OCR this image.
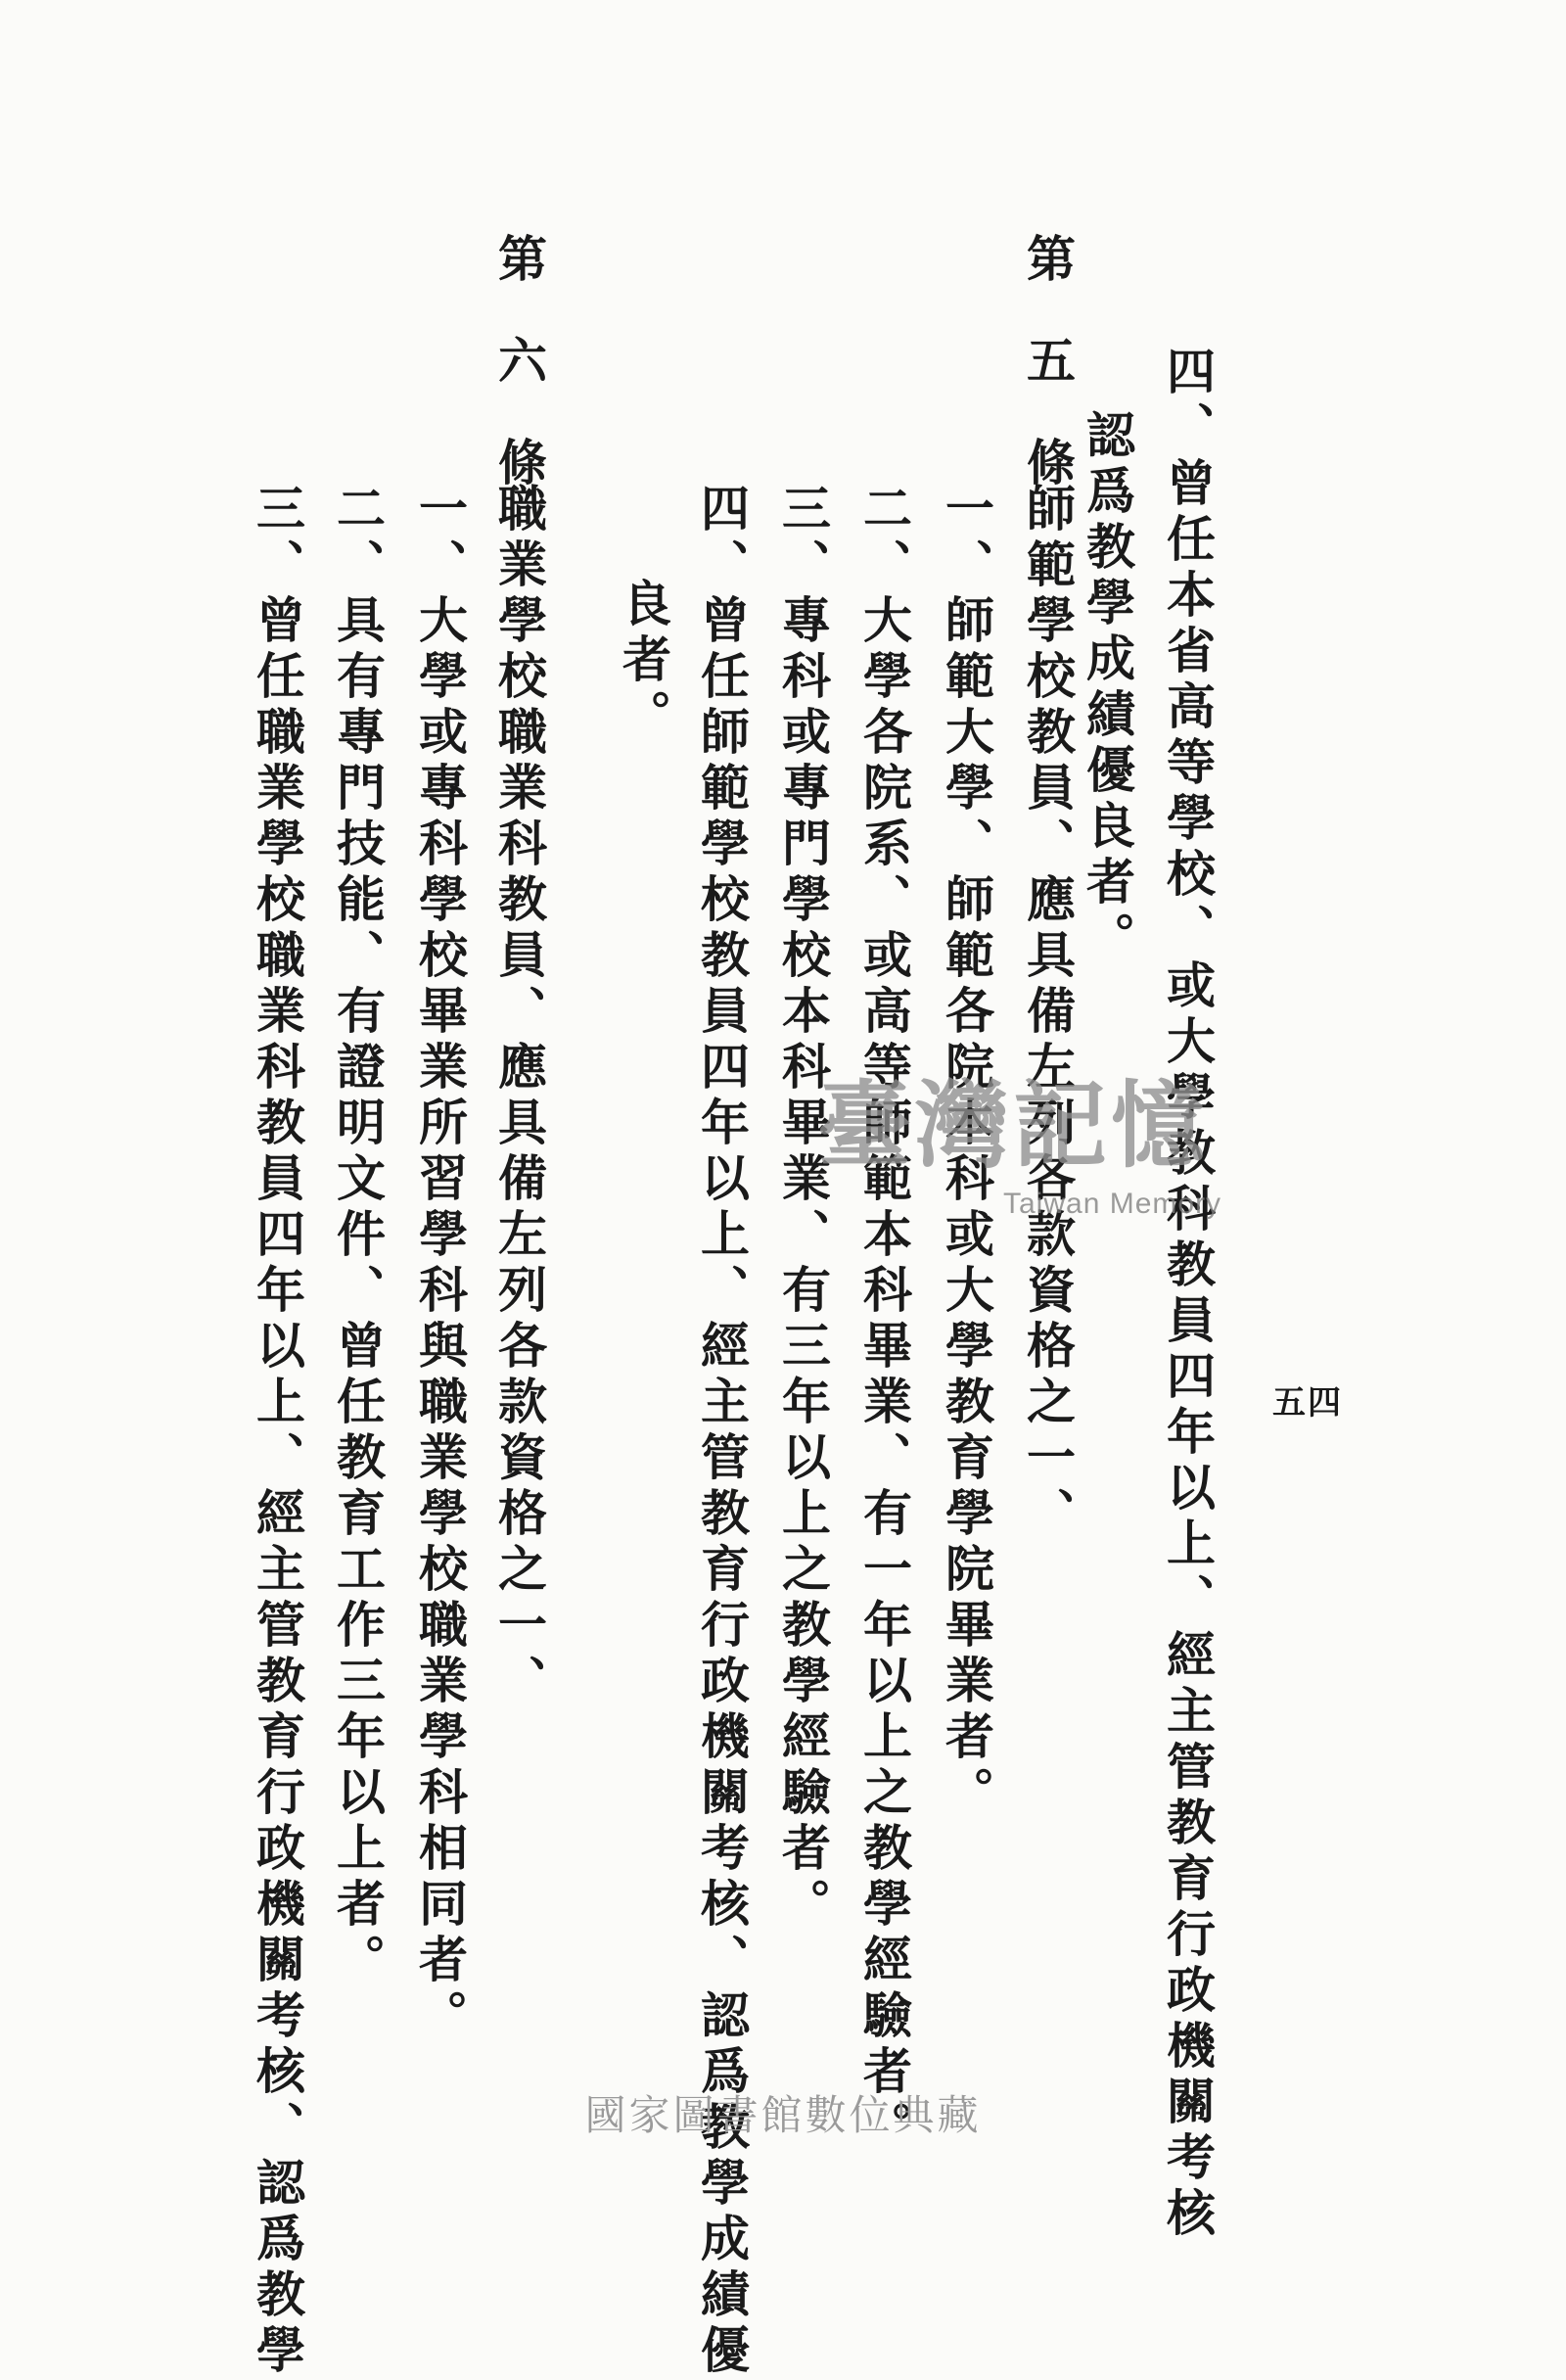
五四
四、曾任本省高等學校、或大學教科教員四年以上、經主管教育行政機關考核
認爲教學成績優良者。
第五條
師範學校教員、應具備左列各款資格之一、
一、師範大學、師範各院本科或大學教育學院畢業者。
二、大學各院系、或高等師範本科畢業、有一年以上之教學經驗者。
三、專科或專門學校本科畢業、有三年以上之教學經驗者。
四、曾任師範學校教員四年以上、經主管教育行政機關考核、認爲教學成績優
良者。
第六條
職業學校職業科教員、應具備左列各款資格之一、
一、大學或專科學校畢業所習學科與職業學校職業學科相同者。
二、具有專門技能、有證明文件、曾任教育工作三年以上者。
三、曾任職業學校職業科教員四年以上、經主管教育行政機關考核、認爲教學	臺灣記憶
Taiwan Memory
國家圖書館數位典藏
